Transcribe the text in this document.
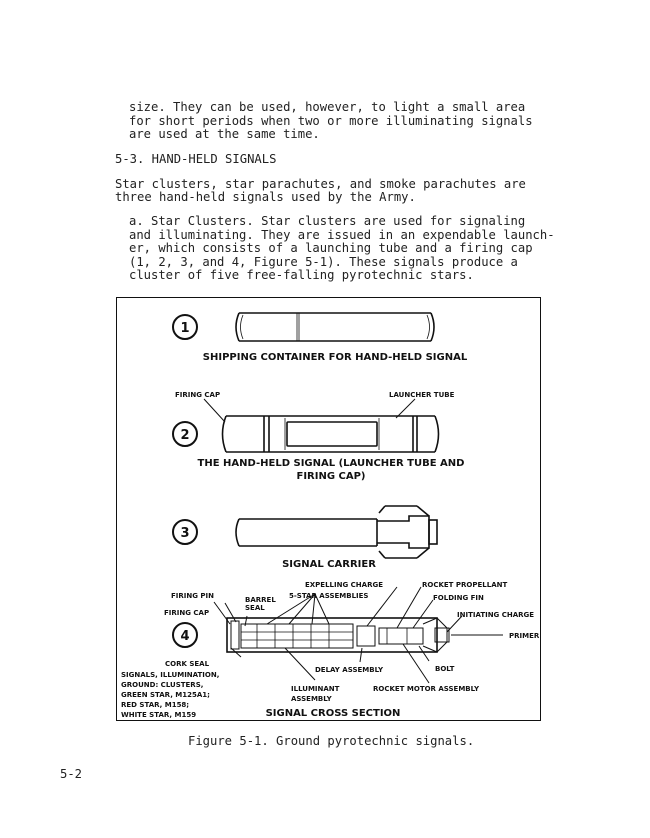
size. They can be used, however, to light a small area
for short periods when two or more illuminating signals
are used at the same time.
5-3. HAND-HELD SIGNALS
Star clusters, star parachutes, and smoke parachutes are
three hand-held signals used by the Army.
a. Star Clusters. Star clusters are used for signaling
and illuminating. They are issued in an expendable launch-
er, which consists of a launching tube and a firing cap
(1, 2, 3, and 4, Figure 5-1). These signals produce a
cluster of five free-falling pyrotechnic stars.
1
SHIPPING CONTAINER FOR HAND-HELD SIGNAL
FIRING CAP	LAUNCHER TUBE
2
THE HAND-HELD SIGNAL (LAUNCHER TUBE AND
FIRING CAP)
3
SIGNAL CARRIER
EXPELLING CHARGE	ROCKET PROPELLANT
FIRING PIN	BARREL 5-STAR ASSEMBLIES	FOLDING FIN
SEAL
FIRING CAP	INITIATING CHARGE
PRIMER
4
CORK SEAL
DELAY ASSEMBLY	BOLT
SIGNALS, ILLUMINATION,
GROUND: CLUSTERS,
GREEN STAR, M125A1;
RED STAR, M158;
WHITE STAR, M159
ILLUMINANT
ASSEMBLY
ROCKET MOTOR ASSEMBLY
SIGNAL CROSS SECTION
Figure 5-1. Ground pyrotechnic signals.
5-2
